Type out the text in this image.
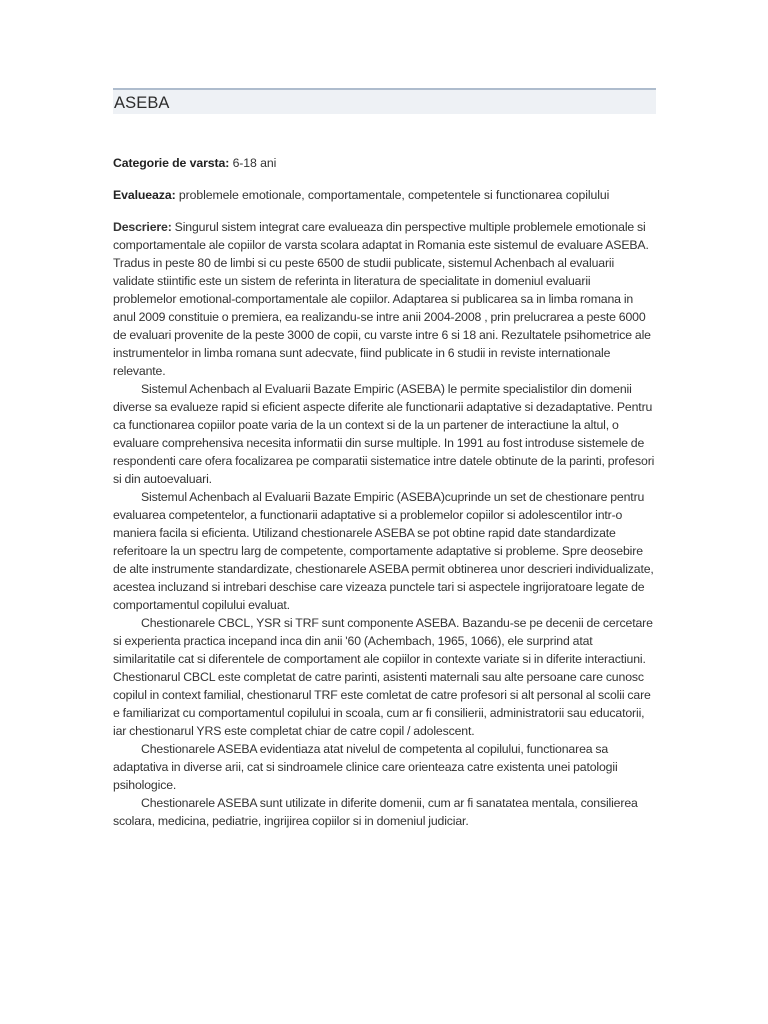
ASEBA
Categorie de varsta: 6-18 ani
Evalueaza: problemele emotionale, comportamentale, competentele si functionarea copilului

Descriere: Singurul sistem integrat care evalueaza din perspective multiple problemele emotionale si comportamentale ale copiilor de varsta scolara adaptat in Romania este sistemul de evaluare ASEBA. Tradus in peste 80 de limbi si cu peste 6500 de studii publicate, sistemul Achenbach al evaluarii validate stiintific este un sistem de referinta in literatura de specialitate in domeniul evaluarii problemelor emotional-comportamentale ale copiilor. Adaptarea si publicarea sa in limba romana in anul 2009 constituie o premiera, ea realizandu-se intre anii 2004-2008 , prin prelucrarea a peste 6000 de evaluari provenite de la peste 3000 de copii, cu varste intre 6 si 18 ani. Rezultatele psihometrice ale instrumentelor in limba romana sunt adecvate, fiind publicate in 6 studii in reviste internationale relevante.

Sistemul Achenbach al Evaluarii Bazate Empiric (ASEBA) le permite specialistilor din domenii diverse sa evalueze rapid si eficient aspecte diferite ale functionarii adaptative si dezadaptative. Pentru ca functionarea copiilor poate varia de la un context si de la un partener de interactiune la altul, o evaluare comprehensiva necesita informatii din surse multiple. In 1991 au fost introduse sistemele de respondenti care ofera focalizarea pe comparatii sistematice intre datele obtinute de la parinti, profesori si din autoevaluari.

Sistemul Achenbach al Evaluarii Bazate Empiric (ASEBA)cuprinde un set de chestionare pentru evaluarea competentelor, a functionarii adaptative si a problemelor copiilor si adolescentilor intr-o maniera facila si eficienta. Utilizand chestionarele ASEBA se pot obtine rapid date standardizate referitoare la un spectru larg de competente, comportamente adaptative si probleme. Spre deosebire de alte instrumente standardizate, chestionarele ASEBA permit obtinerea unor descrieri individualizate, acestea incluzand si intrebari deschise care vizeaza punctele tari si aspectele ingrijoratoare legate de comportamentul copilului evaluat.

Chestionarele CBCL, YSR si TRF sunt componente ASEBA. Bazandu-se pe decenii de cercetare si experienta practica incepand inca din anii '60 (Achembach, 1965, 1066), ele surprind atat similaritatile cat si diferentele de comportament ale copiilor in contexte variate si in diferite interactiuni. Chestionarul CBCL este completat de catre parinti, asistenti maternali sau alte persoane care cunosc copilul in context familial, chestionarul TRF este comletat de catre profesori si alt personal al scolii care e familiarizat cu comportamentul copilului in scoala, cum ar fi consilierii, administratorii sau educatorii, iar chestionarul YRS este completat chiar de catre copil / adolescent.

Chestionarele ASEBA evidentiaza atat nivelul de competenta al copilului, functionarea sa adaptativa in diverse arii, cat si sindroamele clinice care orienteaza catre existenta unei patologii psihologice.

Chestionarele ASEBA sunt utilizate in diferite domenii, cum ar fi sanatatea mentala, consilierea scolara, medicina, pediatrie, ingrijirea copiilor si in domeniul judiciar.
